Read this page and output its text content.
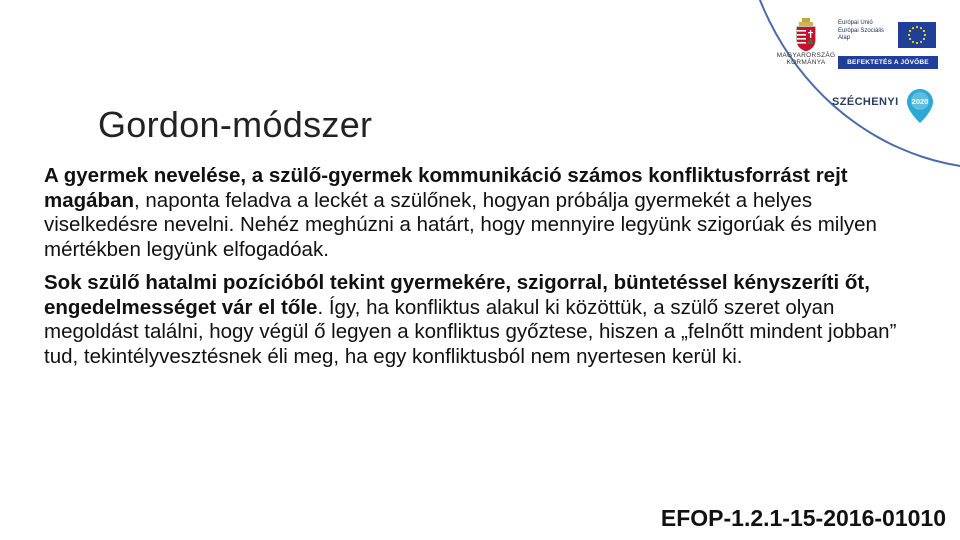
MAGYARORSZÁG
KORMÁNYA
Európai Unió
Európai Szociális
Alap
BEFEKTETÉS A JÖVŐBE
SZÉCHENYI 2020
Gordon-módszer

A gyermek nevelése, a szülő-gyermek kommunikáció számos konfliktusforrást rejt magában, naponta feladva a leckét a szülőnek, hogyan próbálja gyermekét a helyes viselkedésre nevelni. Nehéz meghúzni a határt, hogy mennyire legyünk szigorúak és milyen mértékben legyünk elfogadóak.

Sok szülő hatalmi pozícióból tekint gyermekére, szigorral, büntetéssel kényszeríti őt, engedelmességet vár el tőle. Így, ha konfliktus alakul ki közöttük, a szülő szeret olyan megoldást találni, hogy végül ő legyen a konfliktus győztese, hiszen a „felnőtt mindent jobban” tud, tekintélyvesztésnek éli meg, ha egy konfliktusból nem nyertesen kerül ki.

EFOP-1.2.1-15-2016-01010
